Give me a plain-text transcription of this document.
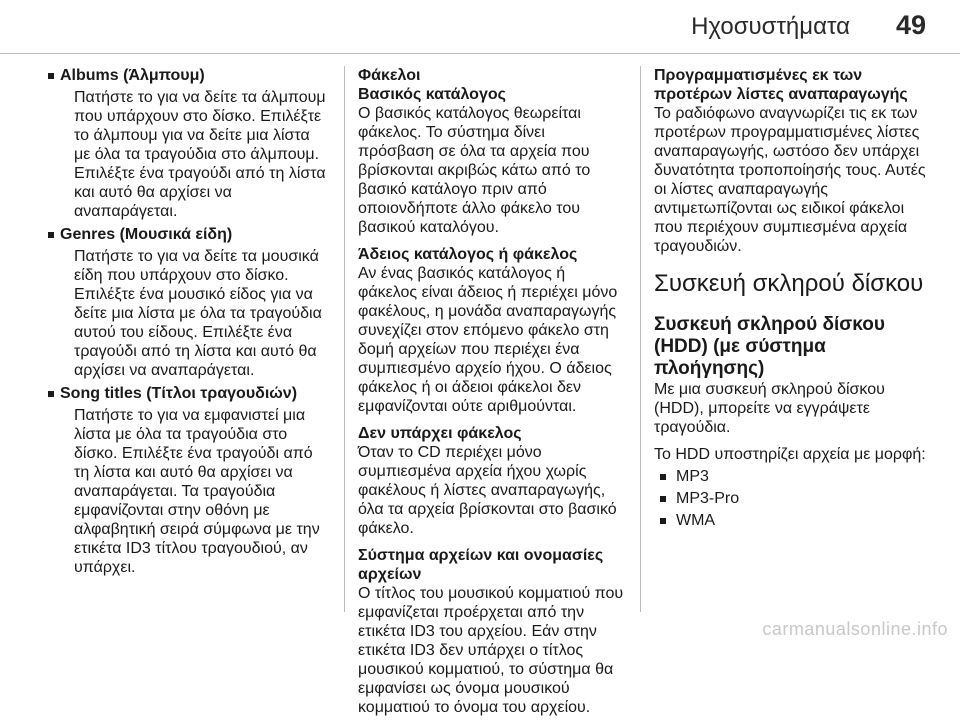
Ηχοσυστήματα 49
Albums (Άλμπουμ)
Πατήστε το για να δείτε τα άλμπουμ που υπάρχουν στο δίσκο. Επιλέξτε το άλμπουμ για να δείτε μια λίστα με όλα τα τραγούδια στο άλμπουμ. Επιλέξτε ένα τραγούδι από τη λίστα και αυτό θα αρχίσει να αναπαράγεται.
Genres (Μουσικά είδη)
Πατήστε το για να δείτε τα μουσικά είδη που υπάρχουν στο δίσκο. Επιλέξτε ένα μουσικό είδος για να δείτε μια λίστα με όλα τα τραγούδια αυτού του είδους. Επιλέξτε ένα τραγούδι από τη λίστα και αυτό θα αρχίσει να αναπαράγεται.
Song titles (Τίτλοι τραγουδιών)
Πατήστε το για να εμφανιστεί μια λίστα με όλα τα τραγούδια στο δίσκο. Επιλέξτε ένα τραγούδι από τη λίστα και αυτό θα αρχίσει να αναπαράγεται. Τα τραγούδια εμφανίζονται στην οθόνη με αλφαβητική σειρά σύμφωνα με την ετικέτα ID3 τίτλου τραγουδιού, αν υπάρχει.
Φάκελοι
Βασικός κατάλογος
Ο βασικός κατάλογος θεωρείται φάκελος. Το σύστημα δίνει πρόσβαση σε όλα τα αρχεία που βρίσκονται ακριβώς κάτω από το βασικό κατάλογο πριν από οποιονδήποτε άλλο φάκελο του βασικού καταλόγου.
Άδειος κατάλογος ή φάκελος
Αν ένας βασικός κατάλογος ή φάκελος είναι άδειος ή περιέχει μόνο φακέλους, η μονάδα αναπαραγωγής συνεχίζει στον επόμενο φάκελο στη δομή αρχείων που περιέχει ένα συμπιεσμένο αρχείο ήχου. Ο άδειος φάκελος ή οι άδειοι φάκελοι δεν εμφανίζονται ούτε αριθμούνται.
Δεν υπάρχει φάκελος
Όταν το CD περιέχει μόνο συμπιεσμένα αρχεία ήχου χωρίς φακέλους ή λίστες αναπαραγωγής, όλα τα αρχεία βρίσκονται στο βασικό φάκελο.
Σύστημα αρχείων και ονομασίες αρχείων
Ο τίτλος του μουσικού κομματιού που εμφανίζεται προέρχεται από την ετικέτα ID3 του αρχείου. Εάν στην ετικέτα ID3 δεν υπάρχει ο τίτλος μουσικού κομματιού, το σύστημα θα εμφανίσει ως όνομα μουσικού κομματιού το όνομα του αρχείου.
Προγραμματισμένες εκ των προτέρων λίστες αναπαραγωγής
Το ραδιόφωνο αναγνωρίζει τις εκ των προτέρων προγραμματισμένες λίστες αναπαραγωγής, ωστόσο δεν υπάρχει δυνατότητα τροποποίησής τους. Αυτές οι λίστες αναπαραγωγής αντιμετωπίζονται ως ειδικοί φάκελοι που περιέχουν συμπιεσμένα αρχεία τραγουδιών.
Συσκευή σκληρού δίσκου
Συσκευή σκληρού δίσκου (HDD) (με σύστημα πλοήγησης)
Με μια συσκευή σκληρού δίσκου (HDD), μπορείτε να εγγράψετε τραγούδια.
Το HDD υποστηρίζει αρχεία με μορφή:
MP3
MP3-Pro
WMA
carmanualsonline.info
